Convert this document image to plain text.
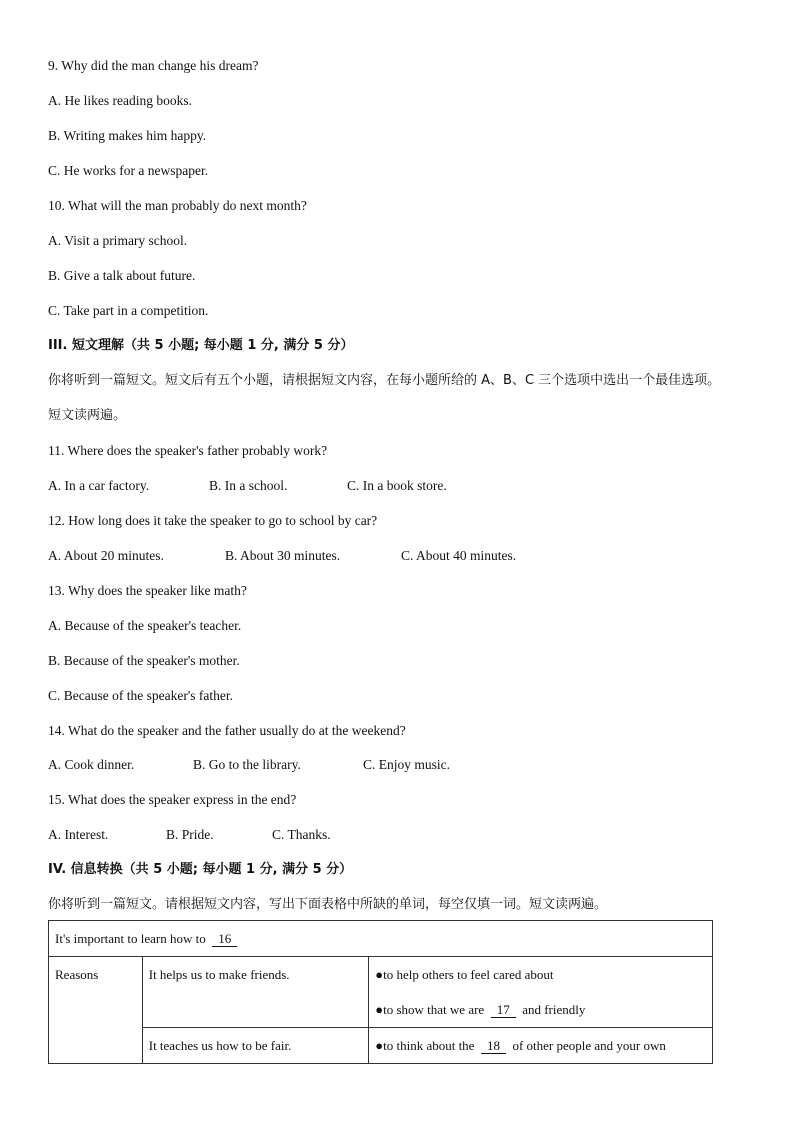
9. Why did the man change his dream?
A. He likes reading books.
B. Writing makes him happy.
C. He works for a newspaper.
10. What will the man probably do next month?
A. Visit a primary school.
B. Give a talk about future.
C. Take part in a competition.
III. 短文理解（共 5 小题; 每小题 1 分, 满分 5 分）
你将听到一篇短文。短文后有五个小题，请根据短文内容，在每小题所给的 A、B、C 三个选项中选出一个最佳选项。
短文读两遍。
11. Where does the speaker's father probably work?
A. In a car factory.	B. In a school.	C. In a book store.
12. How long does it take the speaker to go to school by car?
A. About 20 minutes.	B. About 30 minutes.	C. About 40 minutes.
13. Why does the speaker like math?
A. Because of the speaker's teacher.
B. Because of the speaker's mother.
C. Because of the speaker's father.
14. What do the speaker and the father usually do at the weekend?
A. Cook dinner.	B. Go to the library.	C. Enjoy music.
15. What does the speaker express in the end?
A. Interest.	B. Pride.	C. Thanks.
IV. 信息转换（共 5 小题; 每小题 1 分, 满分 5 分）
你将听到一篇短文。请根据短文内容，写出下面表格中所缺的单词，每空仅填一词。短文读两遍。
It's important to learn how to 16		

Reasons	It helps us to make friends.	●to help others to feel cared about
●to show that we are 17 and friendly

	It teaches us how to be fair.	●to think about the 18 of other people and your own
